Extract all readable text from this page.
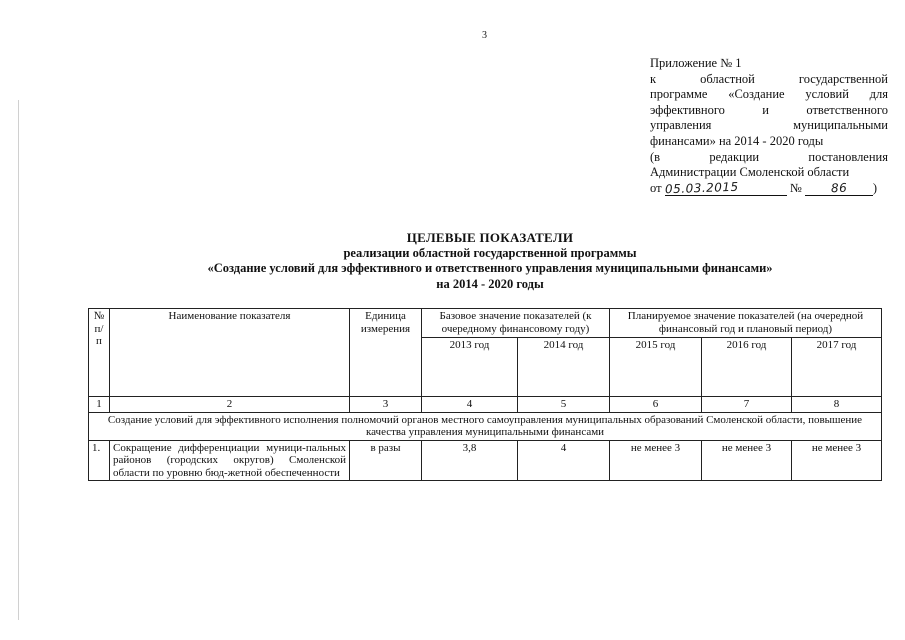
3
Приложение № 1
к областной государственной
программе «Создание условий для
эффективного и ответственного
управления муниципальными
финансами» на 2014 - 2020 годы
(в редакции постановления
Администрации Смоленской области
от 05.03.2015	№ 86 )
ЦЕЛЕВЫЕ ПОКАЗАТЕЛИ
реализации областной государственной программы
«Создание условий для эффективного и ответственного управления муниципальными финансами»
на 2014 - 2020 годы
№ п/п	Наименование показателя	Единица измерения	Базовое значение показателей (к очередному финансовому году)		Планируемое значение показателей (на очередной финансовый год и плановый период)		
			2013 год	2014 год	2015 год	2016 год	2017 год
1	2	3	4	5	6	7	8
Создание условий для эффективного исполнения полномочий органов местного самоуправления муниципальных образований Смоленской области, повышение качества управления муниципальными финансами							
1.	Сокращение дифференциации муници-пальных районов (городских округов) Смоленской области по уровню бюд-жетной обеспеченности	в разы	3,8	4	не менее 3	не менее 3	не менее 3
